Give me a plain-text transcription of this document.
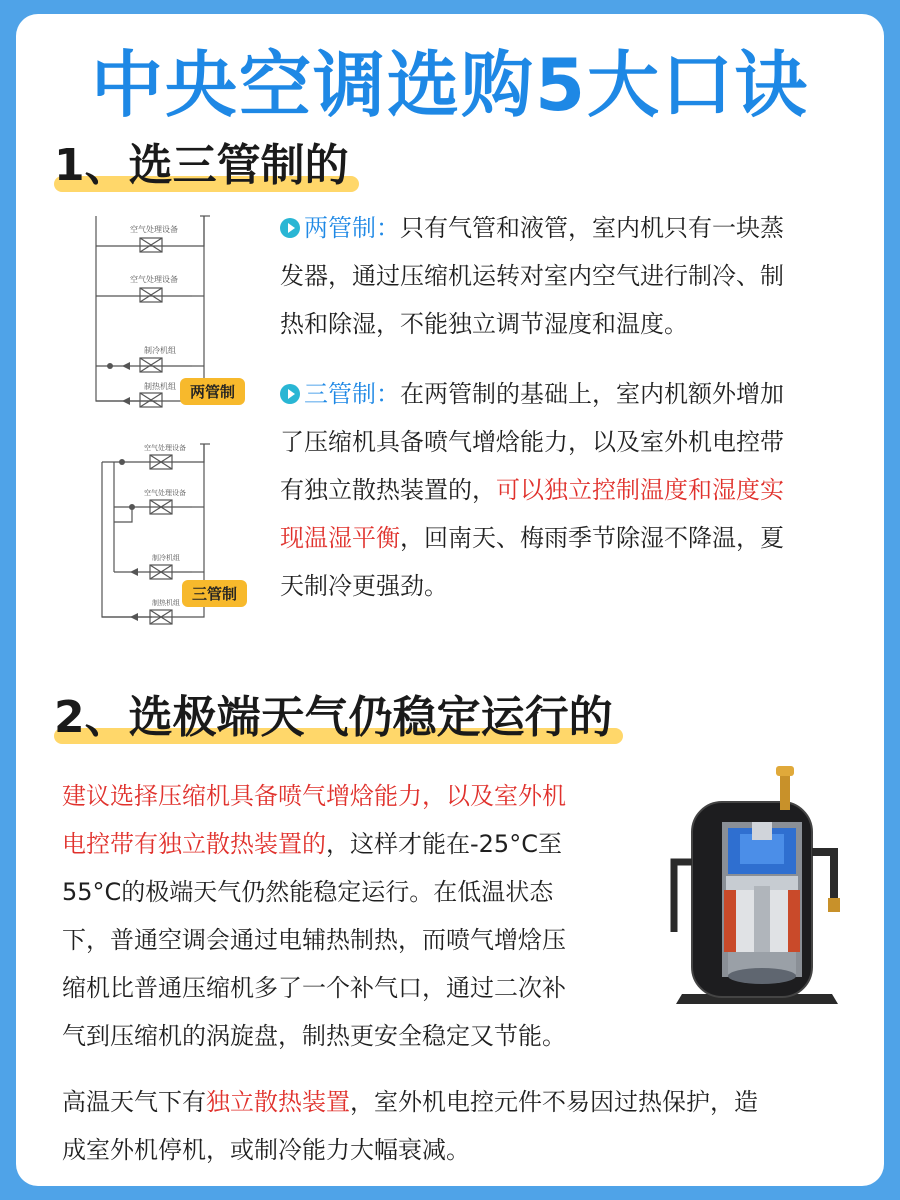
中央空调选购5大口诀
1、选三管制的
空气处理设备
空气处理设备
制冷机组
制热机组 两管制
空气处理设备
空气处理设备
制冷机组
制热机组 三管制
两管制：只有气管和液管，室内机只有一块蒸
发器，通过压缩机运转对室内空气进行制冷、制
热和除湿，不能独立调节湿度和温度。
三管制：在两管制的基础上，室内机额外增加
了压缩机具备喷气增焓能力，以及室外机电控带
有独立散热装置的，可以独立控制温度和湿度实
现温湿平衡，回南天、梅雨季节除湿不降温，夏
天制冷更强劲。
2、选极端天气仍稳定运行的
建议选择压缩机具备喷气增焓能力，以及室外机
电控带有独立散热装置的，这样才能在-25°C至
55°C的极端天气仍然能稳定运行。在低温状态
下，普通空调会通过电辅热制热，而喷气增焓压
缩机比普通压缩机多了一个补气口，通过二次补
气到压缩机的涡旋盘，制热更安全稳定又节能。
高温天气下有独立散热装置，室外机电控元件不易因过热保护，造
成室外机停机，或制冷能力大幅衰减。
